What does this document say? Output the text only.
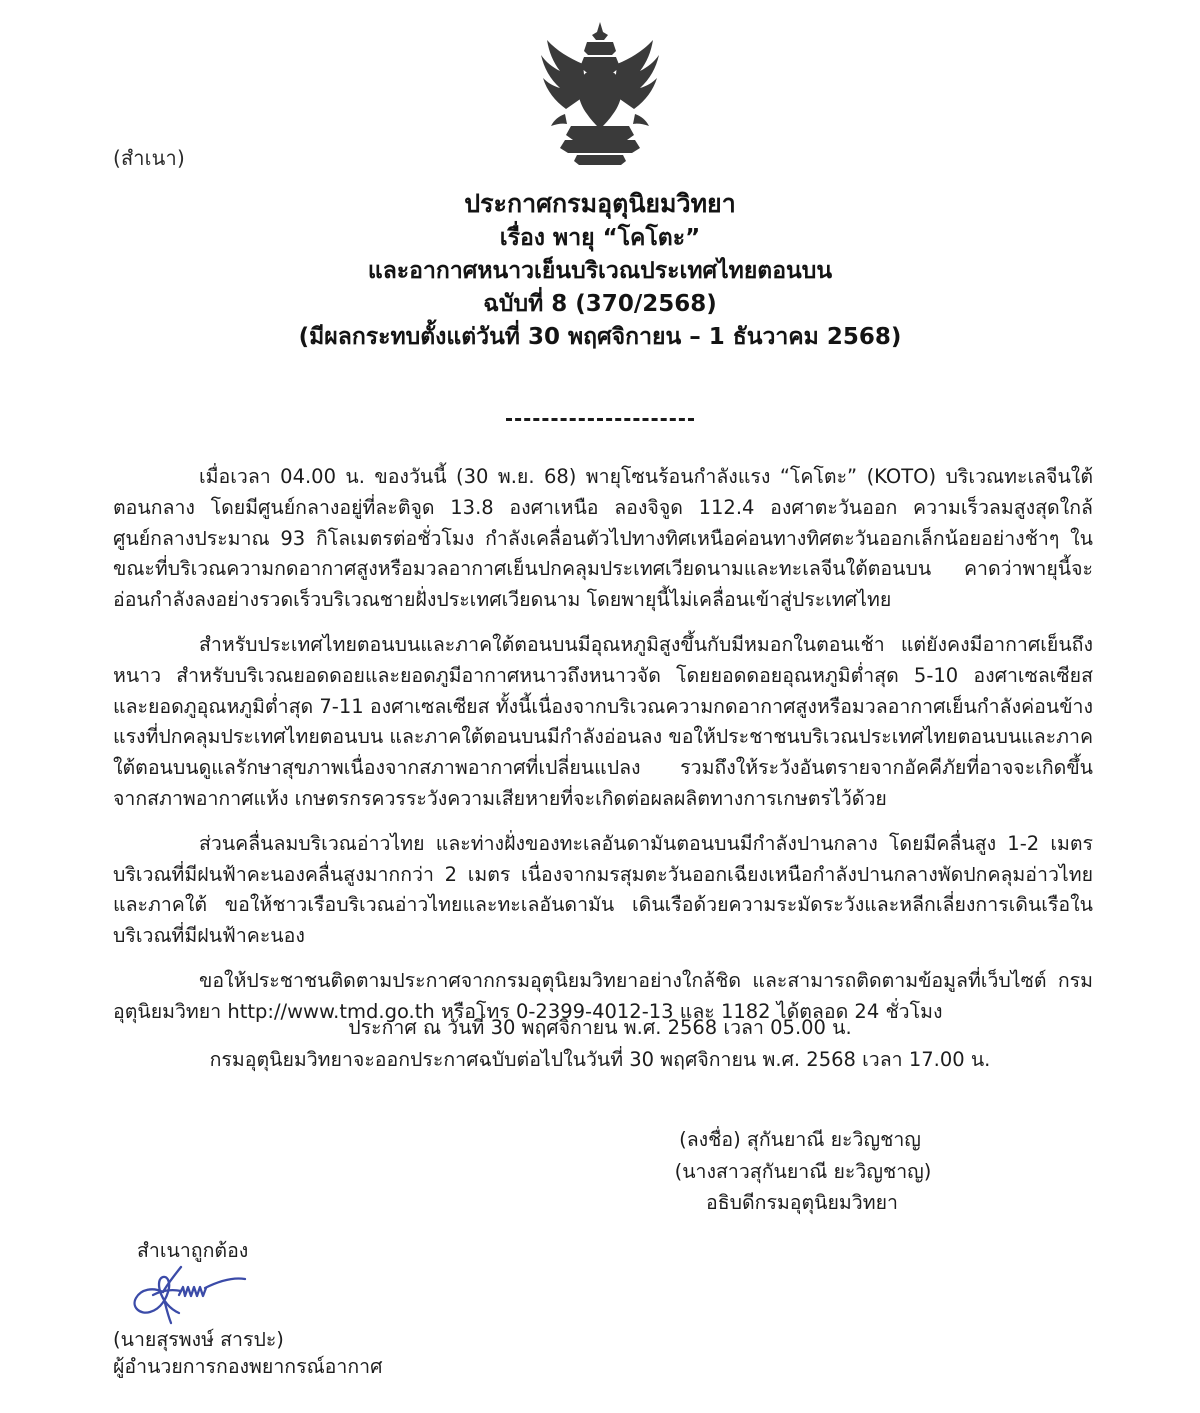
(สำเนา)
ประกาศกรมอุตุนิยมวิทยา
เรื่อง พายุ “โคโตะ”
และอากาศหนาวเย็นบริเวณประเทศไทยตอนบน
ฉบับที่ 8 (370/2568)
(มีผลกระทบตั้งแต่วันที่ 30 พฤศจิกายน – 1 ธันวาคม 2568)

เมื่อเวลา 04.00 น. ของวันนี้ (30 พ.ย. 68) พายุโซนร้อนกำลังแรง “โคโตะ” (KOTO) บริเวณทะเลจีนใต้ตอนกลาง โดยมีศูนย์กลางอยู่ที่ละติจูด 13.8 องศาเหนือ ลองจิจูด 112.4 องศาตะวันออก ความเร็วลมสูงสุดใกล้ศูนย์กลางประมาณ 93 กิโลเมตรต่อชั่วโมง กำลังเคลื่อนตัวไปทางทิศเหนือค่อนทางทิศตะวันออกเล็กน้อยอย่างช้าๆ ในขณะที่บริเวณความกดอากาศสูงหรือมวลอากาศเย็นปกคลุมประเทศเวียดนามและทะเลจีนใต้ตอนบน คาดว่าพายุนี้จะอ่อนกำลังลงอย่างรวดเร็วบริเวณชายฝั่งประเทศเวียดนาม โดยพายุนี้ไม่เคลื่อนเข้าสู่ประเทศไทย

สำหรับประเทศไทยตอนบนและภาคใต้ตอนบนมีอุณหภูมิสูงขึ้นกับมีหมอกในตอนเช้า แต่ยังคงมีอากาศเย็นถึงหนาว สำหรับบริเวณยอดดอยและยอดภูมีอากาศหนาวถึงหนาวจัด โดยยอดดอยอุณหภูมิต่ำสุด 5-10 องศาเซลเซียส และยอดภูอุณหภูมิต่ำสุด 7-11 องศาเซลเซียส ทั้งนี้เนื่องจากบริเวณความกดอากาศสูงหรือมวลอากาศเย็นกำลังค่อนข้างแรงที่ปกคลุมประเทศไทยตอนบน และภาคใต้ตอนบนมีกำลังอ่อนลง ขอให้ประชาชนบริเวณประเทศไทยตอนบนและภาคใต้ตอนบนดูแลรักษาสุขภาพเนื่องจากสภาพอากาศที่เปลี่ยนแปลง รวมถึงให้ระวังอันตรายจากอัคคีภัยที่อาจจะเกิดขึ้นจากสภาพอากาศแห้ง เกษตรกรควรระวังความเสียหายที่จะเกิดต่อผลผลิตทางการเกษตรไว้ด้วย

ส่วนคลื่นลมบริเวณอ่าวไทย และท่างฝั่งของทะเลอันดามันตอนบนมีกำลังปานกลาง โดยมีคลื่นสูง 1-2 เมตร บริเวณที่มีฝนฟ้าคะนองคลื่นสูงมากกว่า 2 เมตร เนื่องจากมรสุมตะวันออกเฉียงเหนือกำลังปานกลางพัดปกคลุมอ่าวไทยและภาคใต้ ขอให้ชาวเรือบริเวณอ่าวไทยและทะเลอันดามัน เดินเรือด้วยความระมัดระวังและหลีกเลี่ยงการเดินเรือในบริเวณที่มีฝนฟ้าคะนอง

ขอให้ประชาชนติดตามประกาศจากกรมอุตุนิยมวิทยาอย่างใกล้ชิด และสามารถติดตามข้อมูลที่เว็บไซต์ กรมอุตุนิยมวิทยา http://www.tmd.go.th หรือโทร 0-2399-4012-13 และ 1182 ได้ตลอด 24 ชั่วโมง

ประกาศ ณ วันที่ 30 พฤศจิกายน พ.ศ. 2568 เวลา 05.00 น.
กรมอุตุนิยมวิทยาจะออกประกาศฉบับต่อไปในวันที่ 30 พฤศจิกายน พ.ศ. 2568 เวลา 17.00 น.
(ลงชื่อ) สุกันยาณี ยะวิญชาญ
(นางสาวสุกันยาณี ยะวิญชาญ)
อธิบดีกรมอุตุนิยมวิทยา
สำเนาถูกต้อง
(นายสุรพงษ์ สารปะ)
ผู้อำนวยการกองพยากรณ์อากาศ
